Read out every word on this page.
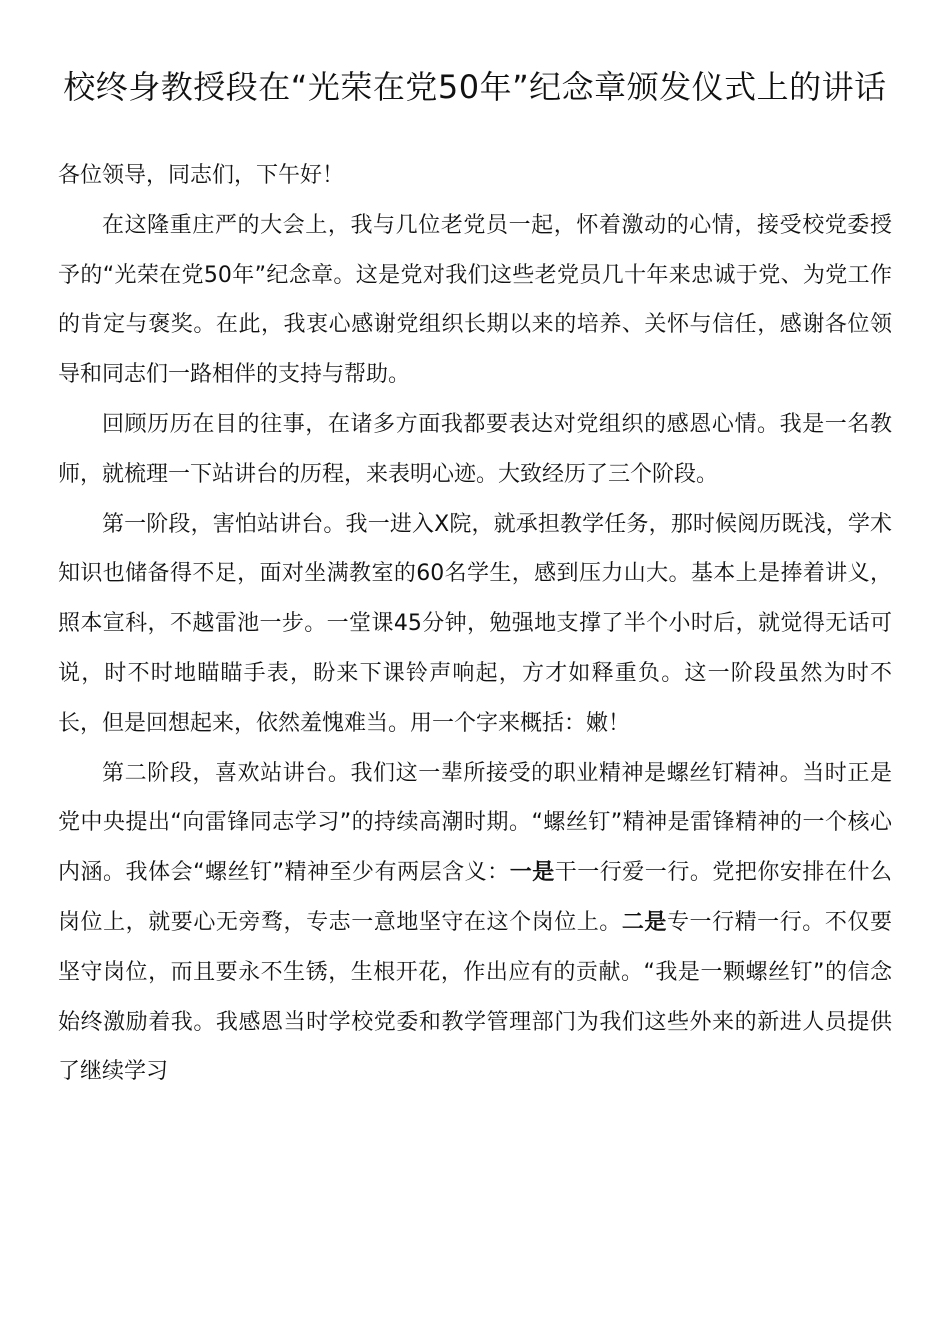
校终身教授段在“光荣在党50年”纪念章颁发仪式上的讲话

各位领导，同志们，下午好！

在这隆重庄严的大会上，我与几位老党员一起，怀着激动的心情，接受校党委授予的“光荣在党50年”纪念章。这是党对我们这些老党员几十年来忠诚于党、为党工作的肯定与褒奖。在此，我衷心感谢党组织长期以来的培养、关怀与信任，感谢各位领导和同志们一路相伴的支持与帮助。

回顾历历在目的往事，在诸多方面我都要表达对党组织的感恩心情。我是一名教师，就梳理一下站讲台的历程，来表明心迹。大致经历了三个阶段。

第一阶段，害怕站讲台。我一进入X院，就承担教学任务，那时候阅历既浅，学术知识也储备得不足，面对坐满教室的60名学生，感到压力山大。基本上是捧着讲义，照本宣科，不越雷池一步。一堂课45分钟，勉强地支撑了半个小时后，就觉得无话可说，时不时地瞄瞄手表，盼来下课铃声响起，方才如释重负。这一阶段虽然为时不长，但是回想起来，依然羞愧难当。用一个字来概括：嫩！

第二阶段，喜欢站讲台。我们这一辈所接受的职业精神是螺丝钉精神。当时正是党中央提出“向雷锋同志学习”的持续高潮时期。“螺丝钉”精神是雷锋精神的一个核心内涵。我体会“螺丝钉”精神至少有两层含义：一是干一行爱一行。党把你安排在什么岗位上，就要心无旁骛，专志一意地坚守在这个岗位上。二是专一行精一行。不仅要坚守岗位，而且要永不生锈，生根开花，作出应有的贡献。“我是一颗螺丝钉”的信念始终激励着我。我感恩当时学校党委和教学管理部门为我们这些外来的新进人员提供了继续学习
